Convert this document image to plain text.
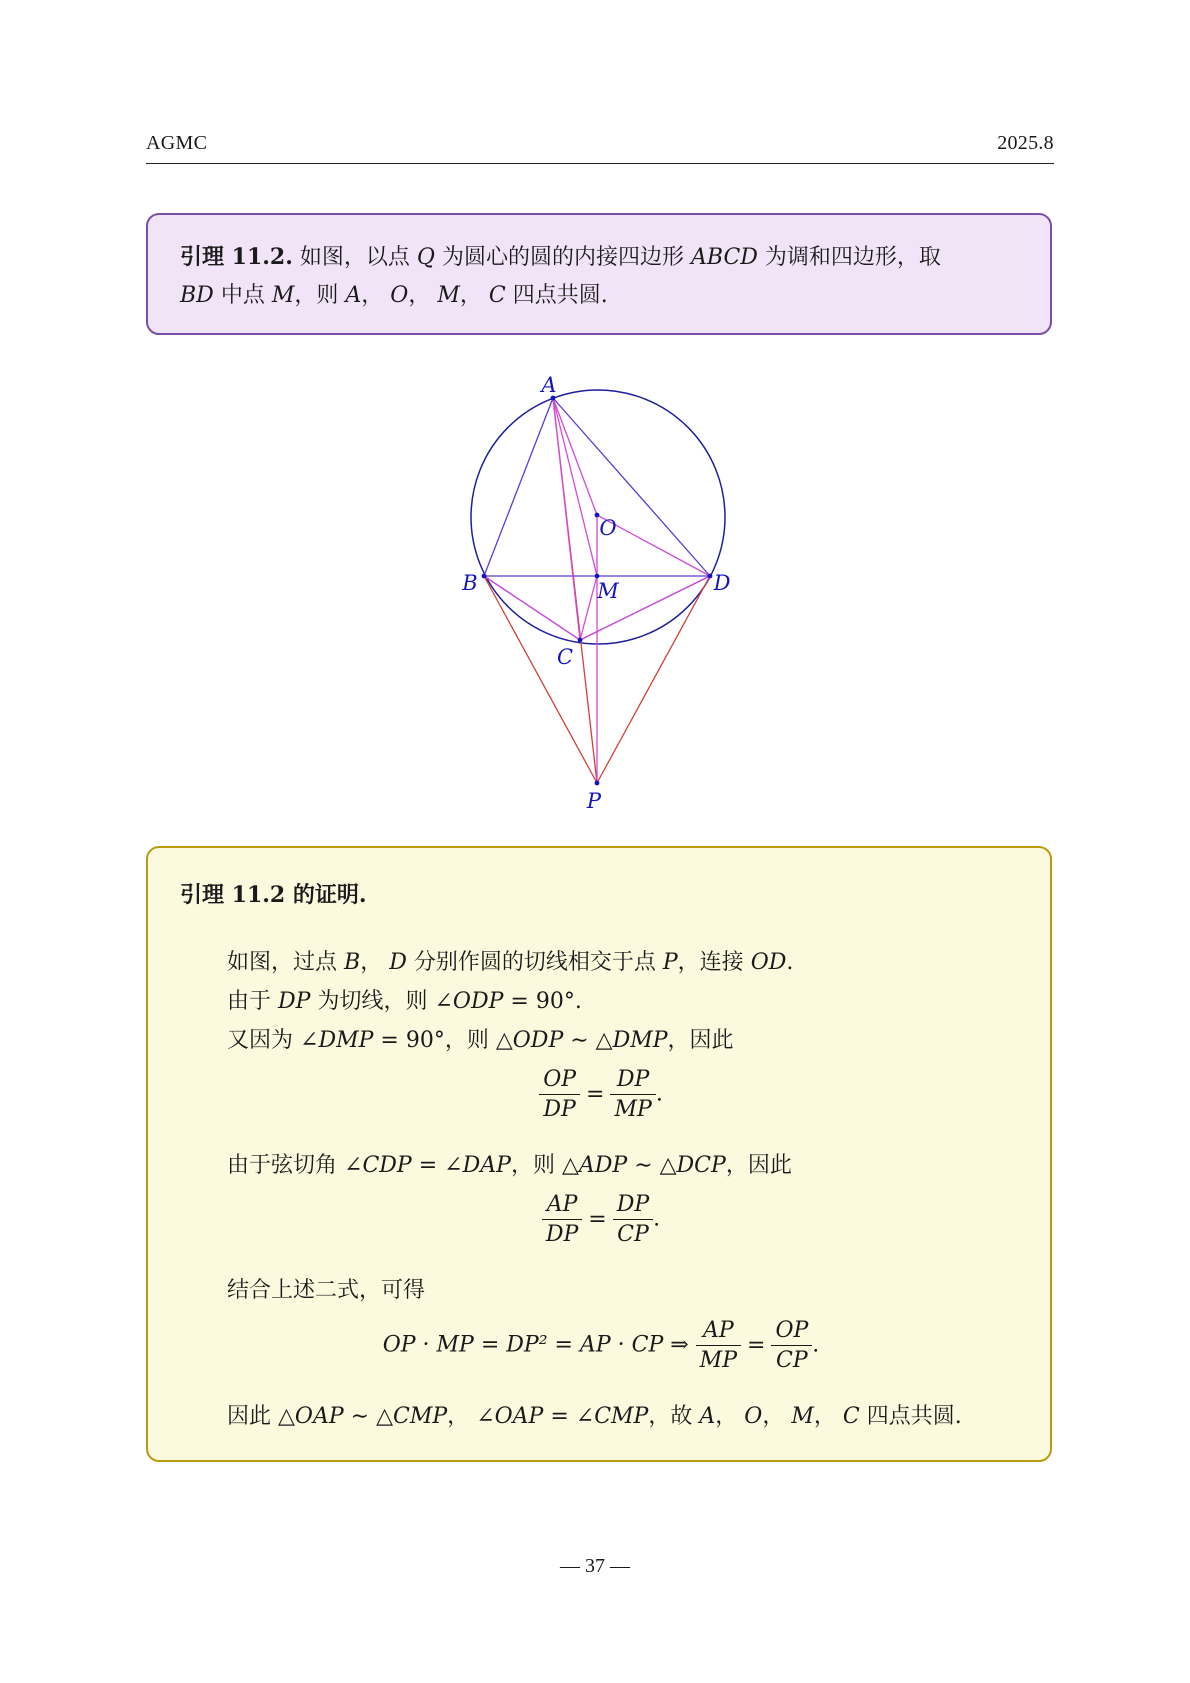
AGMC	2025.8
引理 11.2. 如图，以点 Q 为圆心的圆的内接四边形 ABCD 为调和四边形，取
BD 中点 M，则 A， O， M， C 四点共圆.
A
B
C
D
O
M
P
引理 11.2 的证明.
如图，过点 B， D 分别作圆的切线相交于点 P，连接 OD.
由于 DP 为切线，则 ∠ODP = 90°.
又因为 ∠DMP = 90°，则 △ODP ∼ △DMP，因此
$\frac{OP}{DP} = \frac{DP}{MP}$ .
由于弦切角 ∠CDP = ∠DAP，则 △ADP ∼ △DCP，因此
$\frac{AP}{DP} = \frac{DP}{CP}$ .
结合上述二式，可得
OP · MP = DP² = AP · CP ⇒ $\frac{AP}{MP} = \frac{OP}{CP}$ .
因此 △OAP ∼ △CMP， ∠OAP = ∠CMP，故 A， O， M， C 四点共圆.
— 37 —
